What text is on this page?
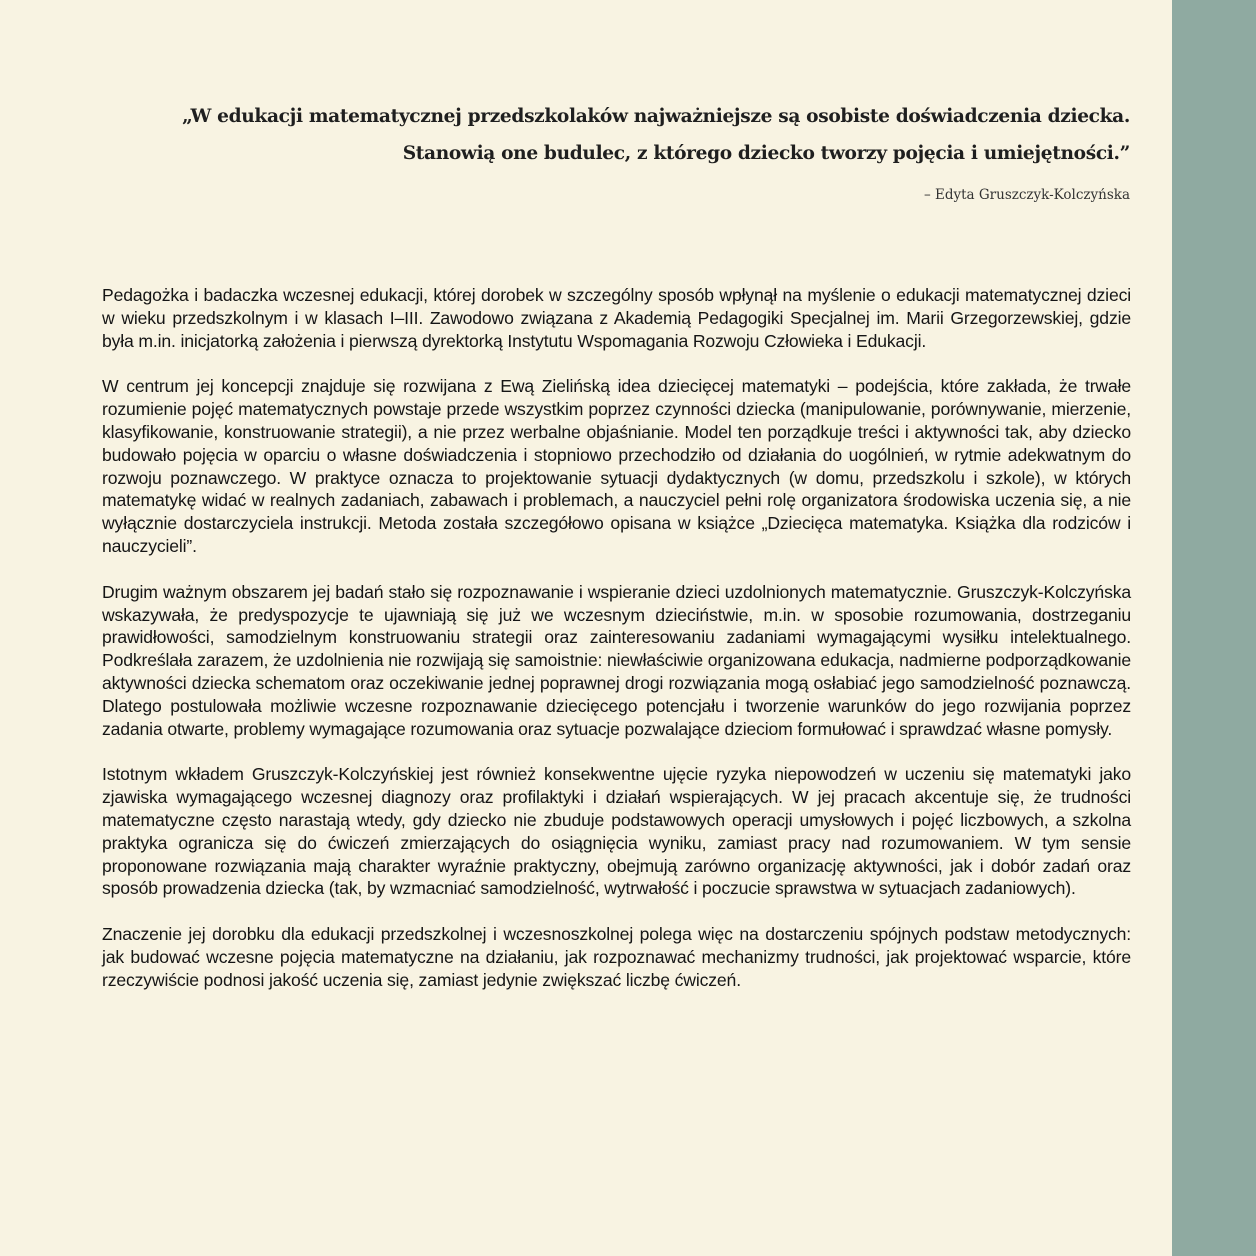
„W edukacji matematycznej przedszkolaków najważniejsze są osobiste doświadczenia dziecka.
Stanowią one budulec, z którego dziecko tworzy pojęcia i umiejętności.”

– Edyta Gruszczyk-Kolczyńska

Pedagożka i badaczka wczesnej edukacji, której dorobek w szczególny sposób wpłynął na myślenie o edukacji matematycznej dzieci w wieku przedszkolnym i w klasach I–III. Zawodowo związana z Akademią Pedagogiki Specjalnej im. Marii Grzegorzewskiej, gdzie była m.in. inicjatorką założenia i pierwszą dyrektorką Instytutu Wspomagania Rozwoju Człowieka i Edukacji.

W centrum jej koncepcji znajduje się rozwijana z Ewą Zielińską idea dziecięcej matematyki – podejścia, które zakłada, że trwałe rozumienie pojęć matematycznych powstaje przede wszystkim poprzez czynności dziecka (manipulowanie, porównywanie, mierzenie, klasyfikowanie, konstruowanie strategii), a nie przez werbalne objaśnianie. Model ten porządkuje treści i aktywności tak, aby dziecko budowało pojęcia w oparciu o własne doświadczenia i stopniowo przechodziło od działania do uogólnień, w rytmie adekwatnym do rozwoju poznawczego. W praktyce oznacza to projektowanie sytuacji dydaktycznych (w domu, przedszkolu i szkole), w których matematykę widać w realnych zadaniach, zabawach i problemach, a nauczyciel pełni rolę organizatora środowiska uczenia się, a nie wyłącznie dostarczyciela instrukcji. Metoda została szczegółowo opisana w książce „Dziecięca matematyka. Książka dla rodziców i nauczycieli”.

Drugim ważnym obszarem jej badań stało się rozpoznawanie i wspieranie dzieci uzdolnionych matematycznie. Gruszczyk-Kolczyńska wskazywała, że predyspozycje te ujawniają się już we wczesnym dzieciństwie, m.in. w sposobie rozumowania, dostrzeganiu prawidłowości, samodzielnym konstruowaniu strategii oraz zainteresowaniu zadaniami wymagającymi wysiłku intelektualnego. Podkreślała zarazem, że uzdolnienia nie rozwijają się samoistnie: niewłaściwie organizowana edukacja, nadmierne podporządkowanie aktywności dziecka schematom oraz oczekiwanie jednej poprawnej drogi rozwiązania mogą osłabiać jego samodzielność poznawczą. Dlatego postulowała możliwie wczesne rozpoznawanie dziecięcego potencjału i tworzenie warunków do jego rozwijania poprzez zadania otwarte, problemy wymagające rozumowania oraz sytuacje pozwalające dzieciom formułować i sprawdzać własne pomysły.

Istotnym wkładem Gruszczyk-Kolczyńskiej jest również konsekwentne ujęcie ryzyka niepowodzeń w uczeniu się matematyki jako zjawiska wymagającego wczesnej diagnozy oraz profilaktyki i działań wspierających. W jej pracach akcentuje się, że trudności matematyczne często narastają wtedy, gdy dziecko nie zbuduje podstawowych operacji umysłowych i pojęć liczbowych, a szkolna praktyka ogranicza się do ćwiczeń zmierzających do osiągnięcia wyniku, zamiast pracy nad rozumowaniem. W tym sensie proponowane rozwiązania mają charakter wyraźnie praktyczny, obejmują zarówno organizację aktywności, jak i dobór zadań oraz sposób prowadzenia dziecka (tak, by wzmacniać samodzielność, wytrwałość i poczucie sprawstwa w sytuacjach zadaniowych).

Znaczenie jej dorobku dla edukacji przedszkolnej i wczesnoszkolnej polega więc na dostarczeniu spójnych podstaw metodycznych: jak budować wczesne pojęcia matematyczne na działaniu, jak rozpoznawać mechanizmy trudności, jak projektować wsparcie, które rzeczywiście podnosi jakość uczenia się, zamiast jedynie zwiększać liczbę ćwiczeń.
